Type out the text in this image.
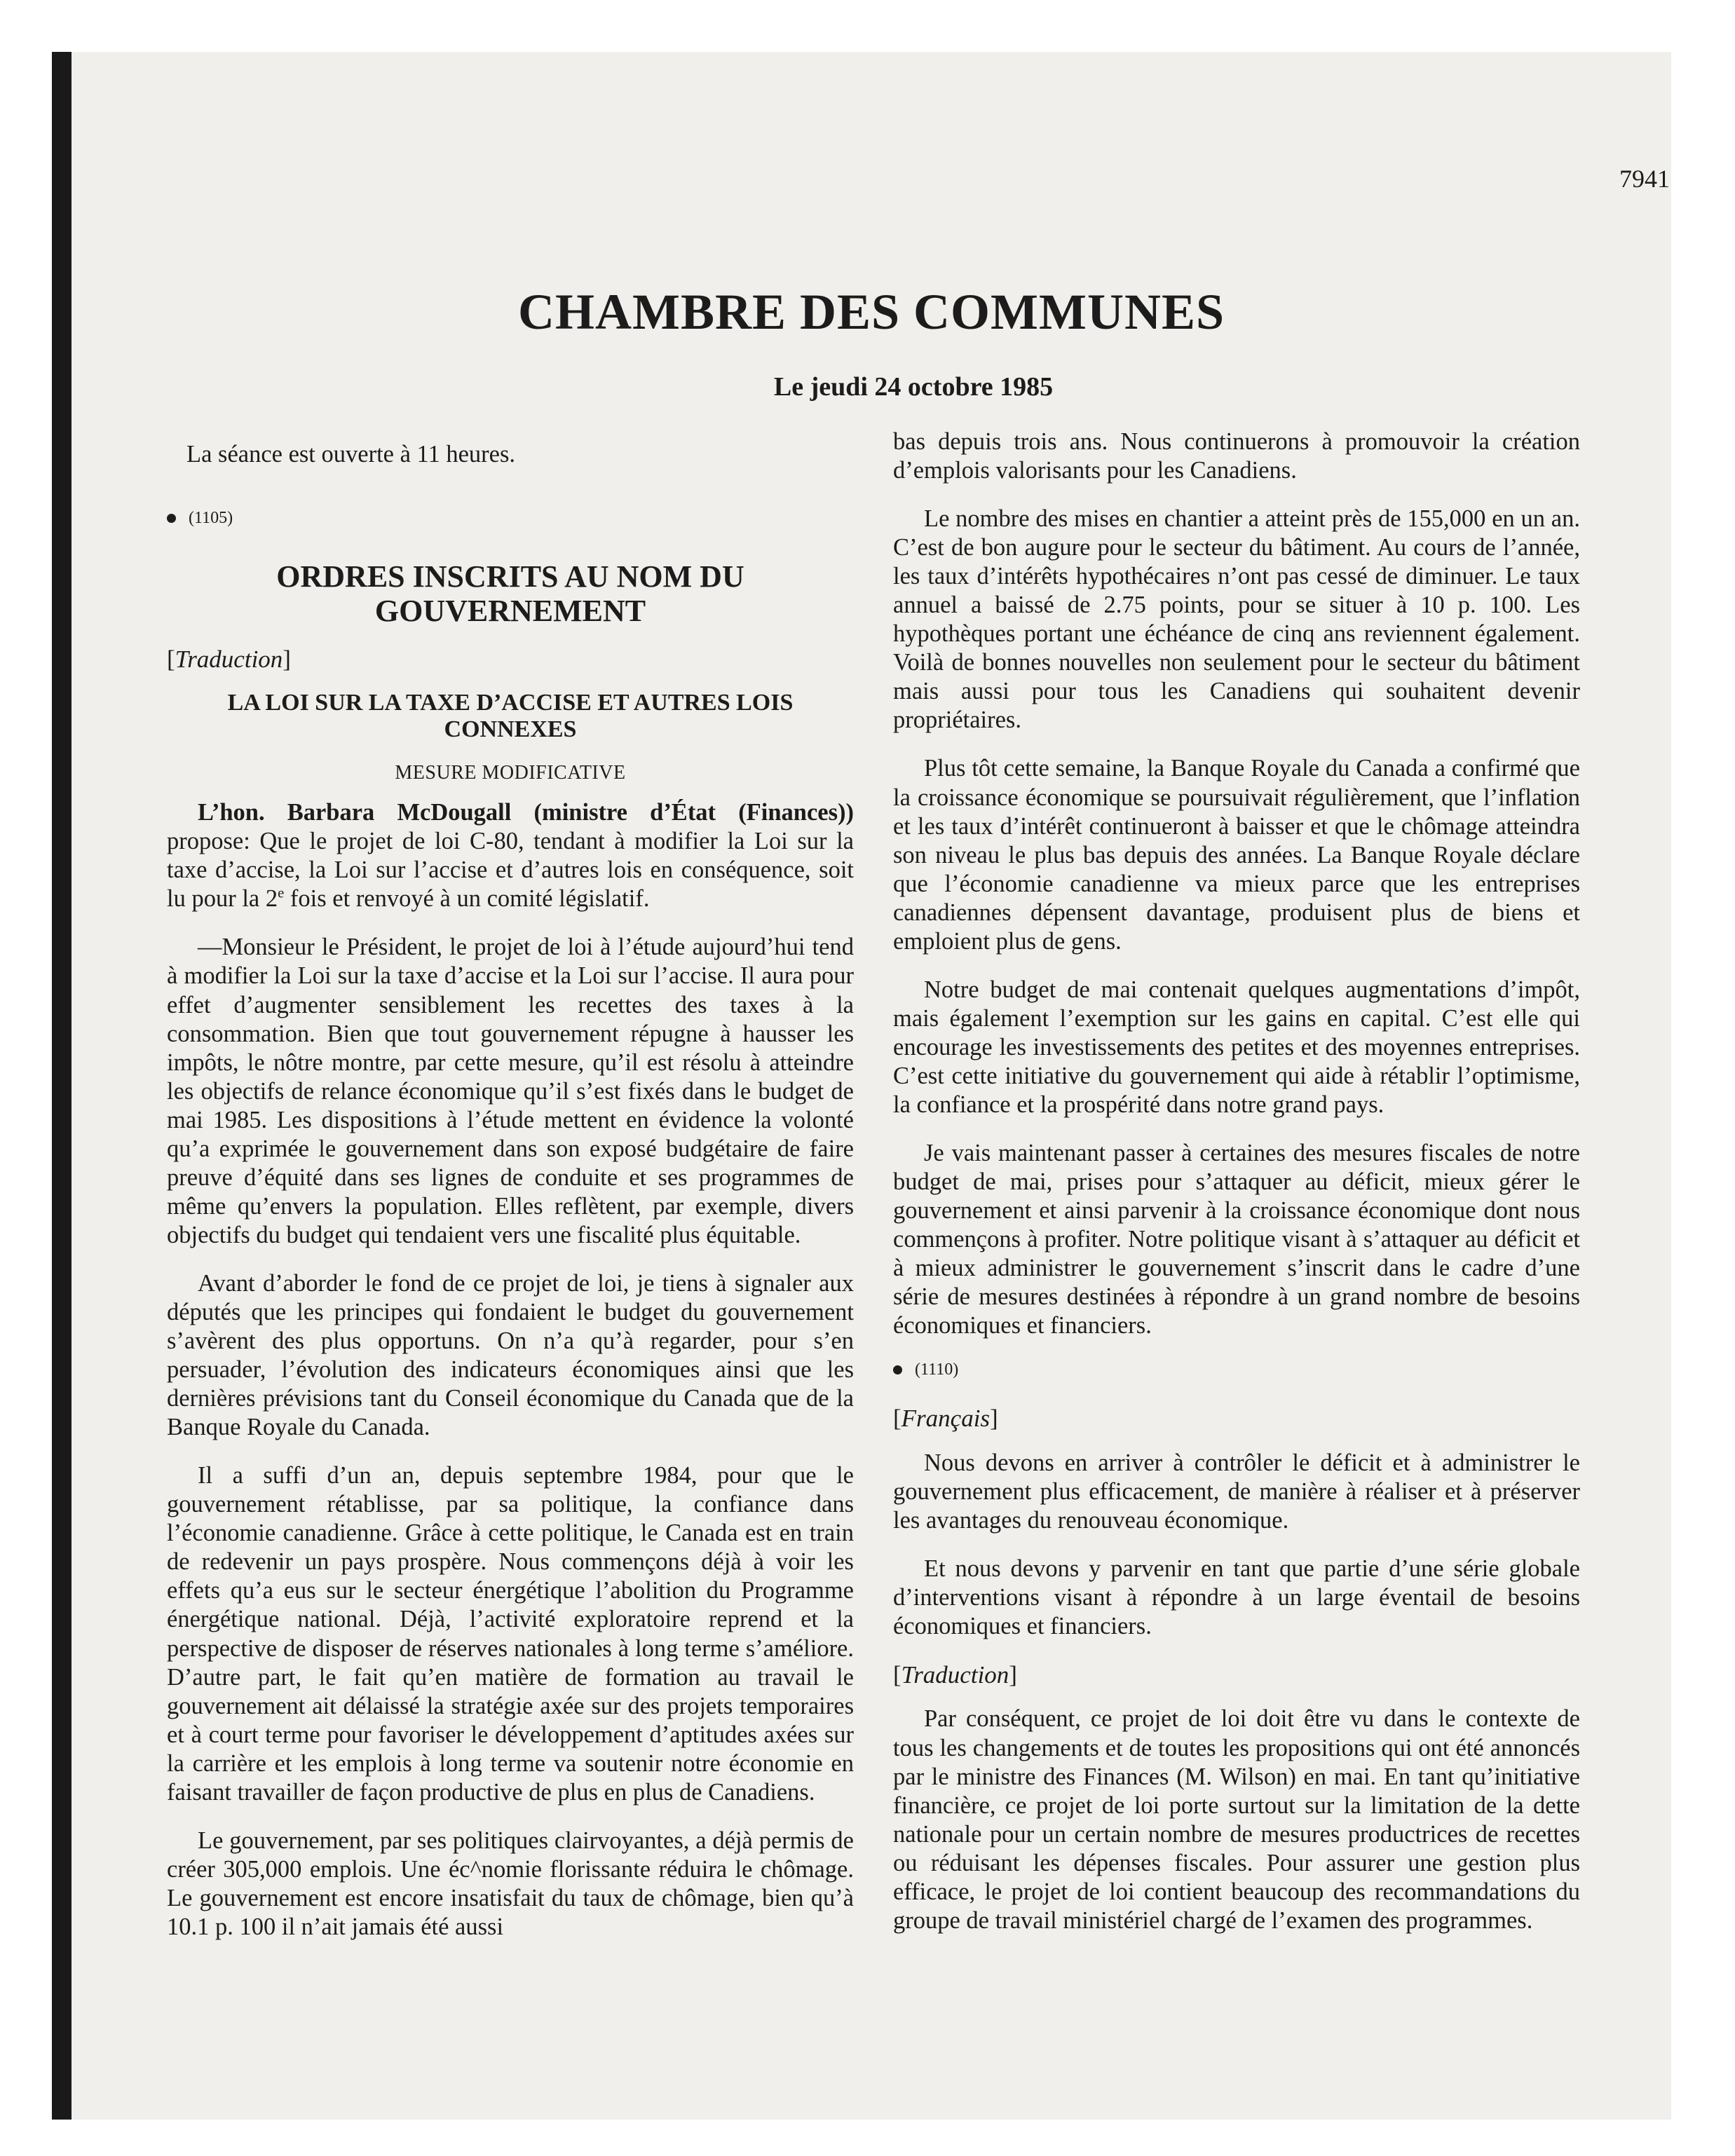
7941
CHAMBRE DES COMMUNES
Le jeudi 24 octobre 1985

La séance est ouverte à 11 heures.

(1105)
ORDRES INSCRITS AU NOM DU GOUVERNEMENT
[Traduction]
LA LOI SUR LA TAXE D’ACCISE ET AUTRES LOIS CONNEXES
MESURE MODIFICATIVE

L’hon. Barbara McDougall (ministre d’État (Finances)) propose: Que le projet de loi C-80, tendant à modifier la Loi sur la taxe d’accise, la Loi sur l’accise et d’autres lois en conséquence, soit lu pour la 2e fois et renvoyé à un comité législatif.

—Monsieur le Président, le projet de loi à l’étude aujourd’hui tend à modifier la Loi sur la taxe d’accise et la Loi sur l’accise. Il aura pour effet d’augmenter sensiblement les recettes des taxes à la consommation. Bien que tout gouvernement répugne à hausser les impôts, le nôtre montre, par cette mesure, qu’il est résolu à atteindre les objectifs de relance économique qu’il s’est fixés dans le budget de mai 1985. Les dispositions à l’étude mettent en évidence la volonté qu’a exprimée le gouvernement dans son exposé budgétaire de faire preuve d’équité dans ses lignes de conduite et ses programmes de même qu’envers la population. Elles reflètent, par exemple, divers objectifs du budget qui tendaient vers une fiscalité plus équitable.

Avant d’aborder le fond de ce projet de loi, je tiens à signaler aux députés que les principes qui fondaient le budget du gouvernement s’avèrent des plus opportuns. On n’a qu’à regarder, pour s’en persuader, l’évolution des indicateurs économiques ainsi que les dernières prévisions tant du Conseil économique du Canada que de la Banque Royale du Canada.

Il a suffi d’un an, depuis septembre 1984, pour que le gouvernement rétablisse, par sa politique, la confiance dans l’économie canadienne. Grâce à cette politique, le Canada est en train de redevenir un pays prospère. Nous commençons déjà à voir les effets qu’a eus sur le secteur énergétique l’abolition du Programme énergétique national. Déjà, l’activité exploratoire reprend et la perspective de disposer de réserves nationales à long terme s’améliore. D’autre part, le fait qu’en matière de formation au travail le gouvernement ait délaissé la stratégie axée sur des projets temporaires et à court terme pour favoriser le développement d’aptitudes axées sur la carrière et les emplois à long terme va soutenir notre économie en faisant travailler de façon productive de plus en plus de Canadiens.

Le gouvernement, par ses politiques clairvoyantes, a déjà permis de créer 305,000 emplois. Une éc^nomie florissante réduira le chômage. Le gouvernement est encore insatisfait du taux de chômage, bien qu’à 10.1 p. 100 il n’ait jamais été aussi

bas depuis trois ans. Nous continuerons à promouvoir la création d’emplois valorisants pour les Canadiens.

Le nombre des mises en chantier a atteint près de 155,000 en un an. C’est de bon augure pour le secteur du bâtiment. Au cours de l’année, les taux d’intérêts hypothécaires n’ont pas cessé de diminuer. Le taux annuel a baissé de 2.75 points, pour se situer à 10 p. 100. Les hypothèques portant une échéance de cinq ans reviennent également. Voilà de bonnes nouvelles non seulement pour le secteur du bâtiment mais aussi pour tous les Canadiens qui souhaitent devenir propriétaires.

Plus tôt cette semaine, la Banque Royale du Canada a confirmé que la croissance économique se poursuivait régulièrement, que l’inflation et les taux d’intérêt continueront à baisser et que le chômage atteindra son niveau le plus bas depuis des années. La Banque Royale déclare que l’économie canadienne va mieux parce que les entreprises canadiennes dépensent davantage, produisent plus de biens et emploient plus de gens.

Notre budget de mai contenait quelques augmentations d’impôt, mais également l’exemption sur les gains en capital. C’est elle qui encourage les investissements des petites et des moyennes entreprises. C’est cette initiative du gouvernement qui aide à rétablir l’optimisme, la confiance et la prospérité dans notre grand pays.

Je vais maintenant passer à certaines des mesures fiscales de notre budget de mai, prises pour s’attaquer au déficit, mieux gérer le gouvernement et ainsi parvenir à la croissance économique dont nous commençons à profiter. Notre politique visant à s’attaquer au déficit et à mieux administrer le gouvernement s’inscrit dans le cadre d’une série de mesures destinées à répondre à un grand nombre de besoins économiques et financiers.

(1110)
[Français]

Nous devons en arriver à contrôler le déficit et à administrer le gouvernement plus efficacement, de manière à réaliser et à préserver les avantages du renouveau économique.

Et nous devons y parvenir en tant que partie d’une série globale d’interventions visant à répondre à un large éventail de besoins économiques et financiers.

[Traduction]

Par conséquent, ce projet de loi doit être vu dans le contexte de tous les changements et de toutes les propositions qui ont été annoncés par le ministre des Finances (M. Wilson) en mai. En tant qu’initiative financière, ce projet de loi porte surtout sur la limitation de la dette nationale pour un certain nombre de mesures productrices de recettes ou réduisant les dépenses fiscales. Pour assurer une gestion plus efficace, le projet de loi contient beaucoup des recommandations du groupe de travail ministériel chargé de l’examen des programmes.
